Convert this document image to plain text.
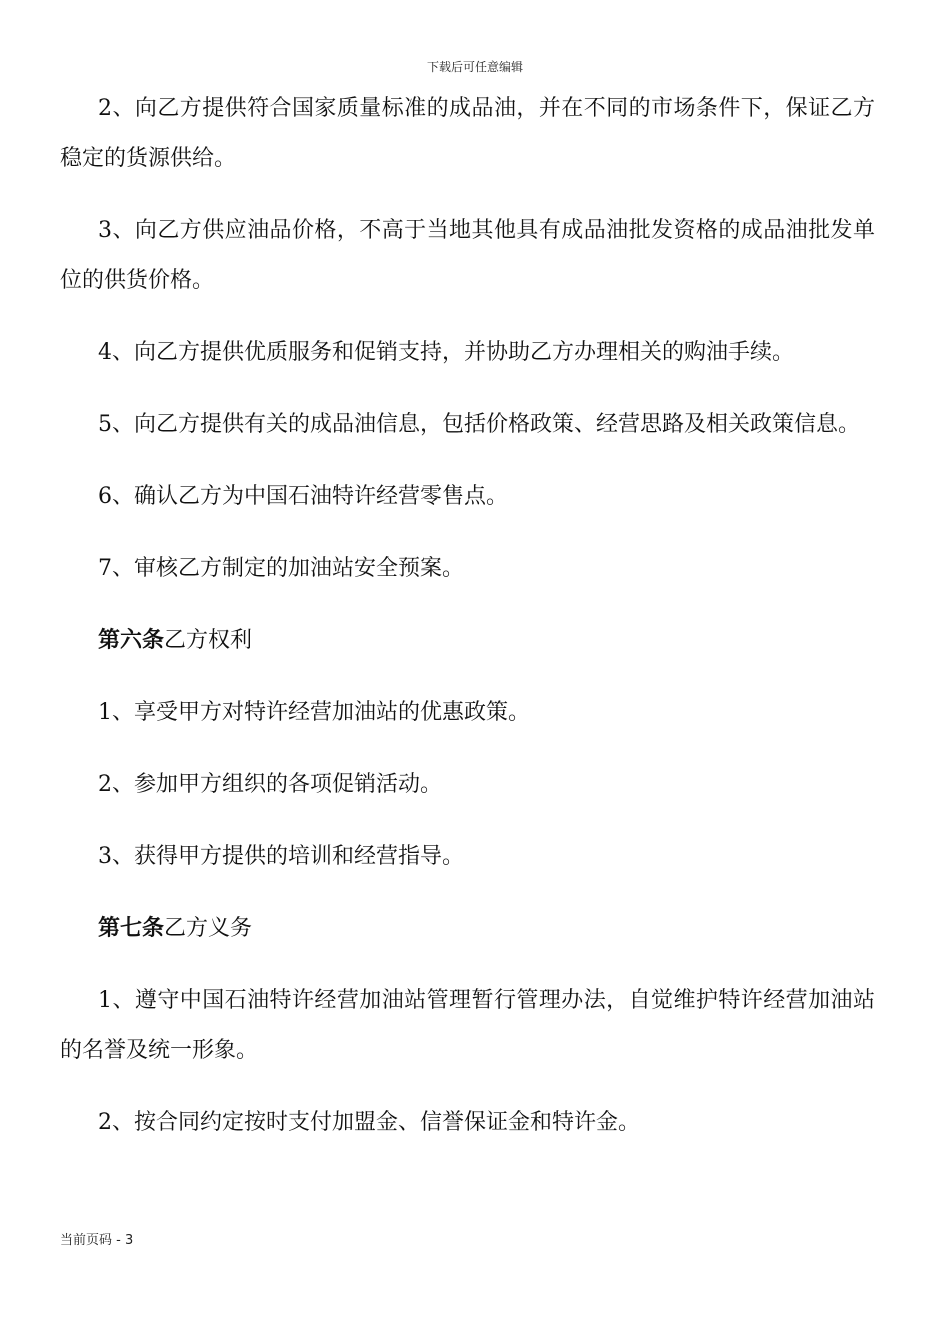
下载后可任意编辑

2、向乙方提供符合国家质量标准的成品油，并在不同的市场条件下，保证乙方稳定的货源供给。

3、向乙方供应油品价格，不高于当地其他具有成品油批发资格的成品油批发单位的供货价格。

4、向乙方提供优质服务和促销支持，并协助乙方办理相关的购油手续。

5、向乙方提供有关的成品油信息，包括价格政策、经营思路及相关政策信息。

6、确认乙方为中国石油特许经营零售点。

7、审核乙方制定的加油站安全预案。

第六条乙方权利

1、享受甲方对特许经营加油站的优惠政策。

2、参加甲方组织的各项促销活动。

3、获得甲方提供的培训和经营指导。

第七条乙方义务

1、遵守中国石油特许经营加油站管理暂行管理办法，自觉维护特许经营加油站的名誉及统一形象。

2、按合同约定按时支付加盟金、信誉保证金和特许金。

当前页码 - 3
